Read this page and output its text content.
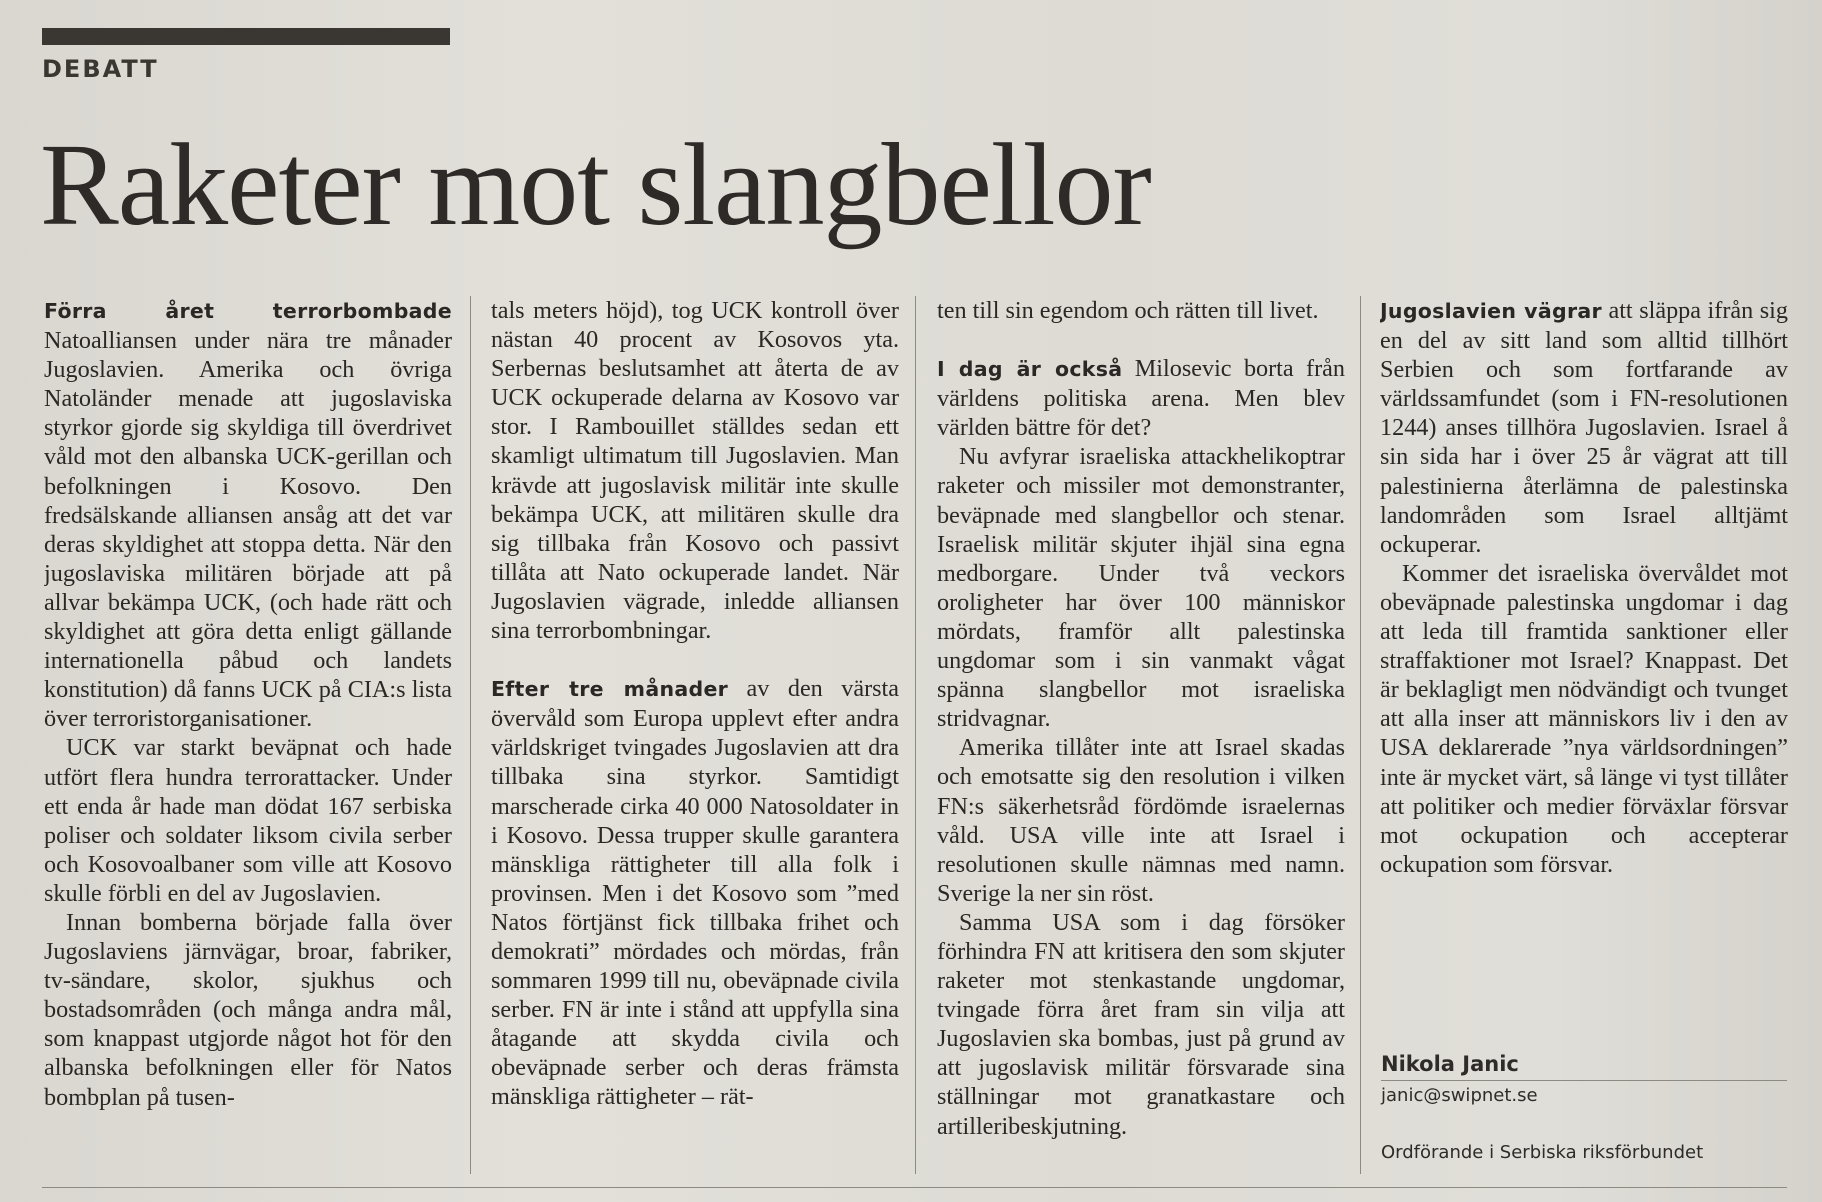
DEBATT
Raketer mot slangbellor

Förra året terrorbombade Natoalliansen under nära tre månader Jugoslavien. Amerika och övriga Natoländer menade att jugoslaviska styrkor gjorde sig skyldiga till överdrivet våld mot den albanska UCK-gerillan och befolkningen i Kosovo. Den fredsälskande alliansen ansåg att det var deras skyldighet att stoppa detta. När den jugoslaviska militären började att på allvar bekämpa UCK, (och hade rätt och skyldighet att göra detta enligt gällande internationella påbud och landets konstitution) då fanns UCK på CIA:s lista över terroristorganisationer.

UCK var starkt beväpnat och hade utfört flera hundra terrorattacker. Under ett enda år hade man dödat 167 serbiska poliser och soldater liksom civila serber och Kosovoalbaner som ville att Kosovo skulle förbli en del av Jugoslavien.

Innan bomberna började falla över Jugoslaviens järnvägar, broar, fabriker, tv-sändare, skolor, sjukhus och bostadsområden (och många andra mål, som knappast utgjorde något hot för den albanska befolkningen eller för Natos bombplan på tusen-

tals meters höjd), tog UCK kontroll över nästan 40 procent av Kosovos yta. Serbernas beslutsamhet att återta de av UCK ockuperade delarna av Kosovo var stor. I Rambouillet ställdes sedan ett skamligt ultimatum till Jugoslavien. Man krävde att jugoslavisk militär inte skulle bekämpa UCK, att militären skulle dra sig tillbaka från Kosovo och passivt tillåta att Nato ockuperade landet. När Jugoslavien vägrade, inledde alliansen sina terrorbombningar.

Efter tre månader av den värsta övervåld som Europa upplevt efter andra världskriget tvingades Jugoslavien att dra tillbaka sina styrkor. Samtidigt marscherade cirka 40 000 Natosoldater in i Kosovo. Dessa trupper skulle garantera mänskliga rättigheter till alla folk i provinsen. Men i det Kosovo som ”med Natos förtjänst fick tillbaka frihet och demokrati” mördades och mördas, från sommaren 1999 till nu, obeväpnade civila serber. FN är inte i stånd att uppfylla sina åtagande att skydda civila och obeväpnade serber och deras främsta mänskliga rättigheter – rät-

ten till sin egendom och rätten till livet.

I dag är också Milosevic borta från världens politiska arena. Men blev världen bättre för det?

Nu avfyrar israeliska attackhelikoptrar raketer och missiler mot demonstranter, beväpnade med slangbellor och stenar. Israelisk militär skjuter ihjäl sina egna medborgare. Under två veckors oroligheter har över 100 människor mördats, framför allt palestinska ungdomar som i sin vanmakt vågat spänna slangbellor mot israeliska stridvagnar.

Amerika tillåter inte att Israel skadas och emotsatte sig den resolution i vilken FN:s säkerhetsråd fördömde israelernas våld. USA ville inte att Israel i resolutionen skulle nämnas med namn. Sverige la ner sin röst.

Samma USA som i dag försöker förhindra FN att kritisera den som skjuter raketer mot stenkastande ungdomar, tvingade förra året fram sin vilja att Jugoslavien ska bombas, just på grund av att jugoslavisk militär försvarade sina ställningar mot granatkastare och artilleribeskjutning.

Jugoslavien vägrar att släppa ifrån sig en del av sitt land som alltid tillhört Serbien och som fortfarande av världssamfundet (som i FN-resolutionen 1244) anses tillhöra Jugoslavien. Israel å sin sida har i över 25 år vägrat att till palestinierna återlämna de palestinska landområden som Israel alltjämt ockuperar.

Kommer det israeliska övervåldet mot obeväpnade palestinska ungdomar i dag att leda till framtida sanktioner eller straffaktioner mot Israel? Knappast. Det är beklagligt men nödvändigt och tvunget att alla inser att människors liv i den av USA deklarerade ”nya världsordningen” inte är mycket värt, så länge vi tyst tillåter att politiker och medier förväxlar försvar mot ockupation och accepterar ockupation som försvar.

Nikola Janic
janic@swipnet.se
Ordförande i Serbiska riksförbundet
